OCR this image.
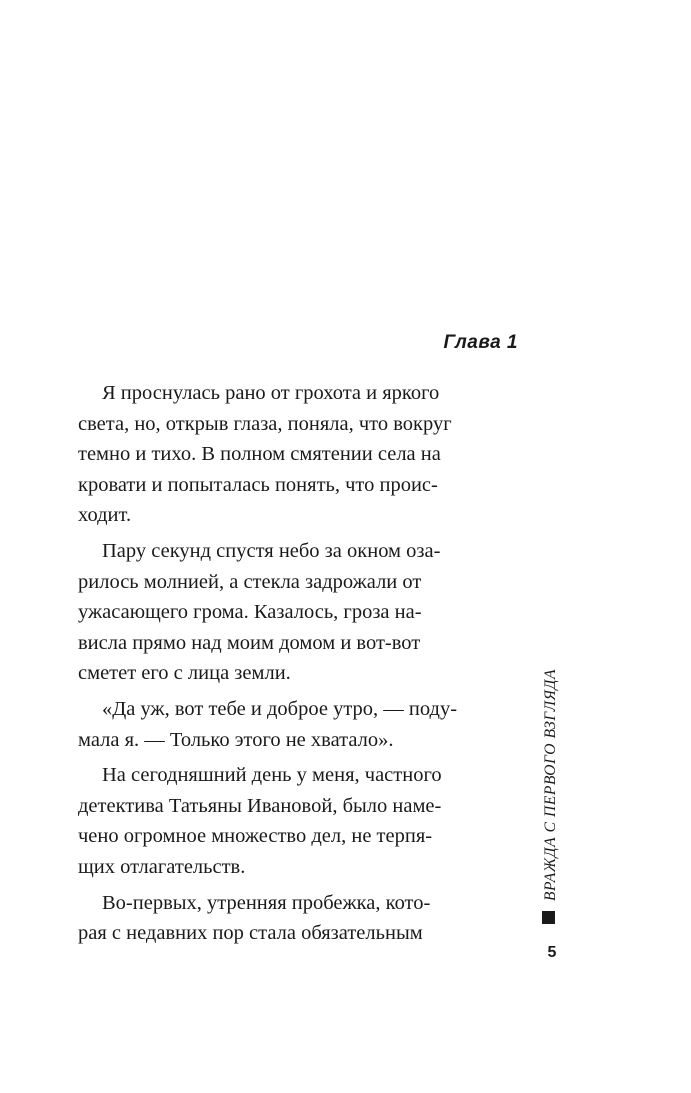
Глава 1

Я проснулась рано от грохота и яркого
света, но, открыв глаза, поняла, что вокруг
темно и тихо. В полном смятении села на
кровати и попыталась понять, что проис-
ходит.

Пару секунд спустя небо за окном оза-
рилось молнией, а стекла задрожали от
ужасающего грома. Казалось, гроза на-
висла прямо над моим домом и вот-вот
сметет его с лица земли.

«Да уж, вот тебе и доброе утро, — поду-
мала я. — Только этого не хватало».

На сегодняшний день у меня, частного
детектива Татьяны Ивановой, было наме-
чено огромное множество дел, не терпя-
щих отлагательств.

Во-первых, утренняя пробежка, кото-
рая с недавних пор стала обязательным

ВРАЖДА С ПЕРВОГО ВЗГЛЯДА

5
